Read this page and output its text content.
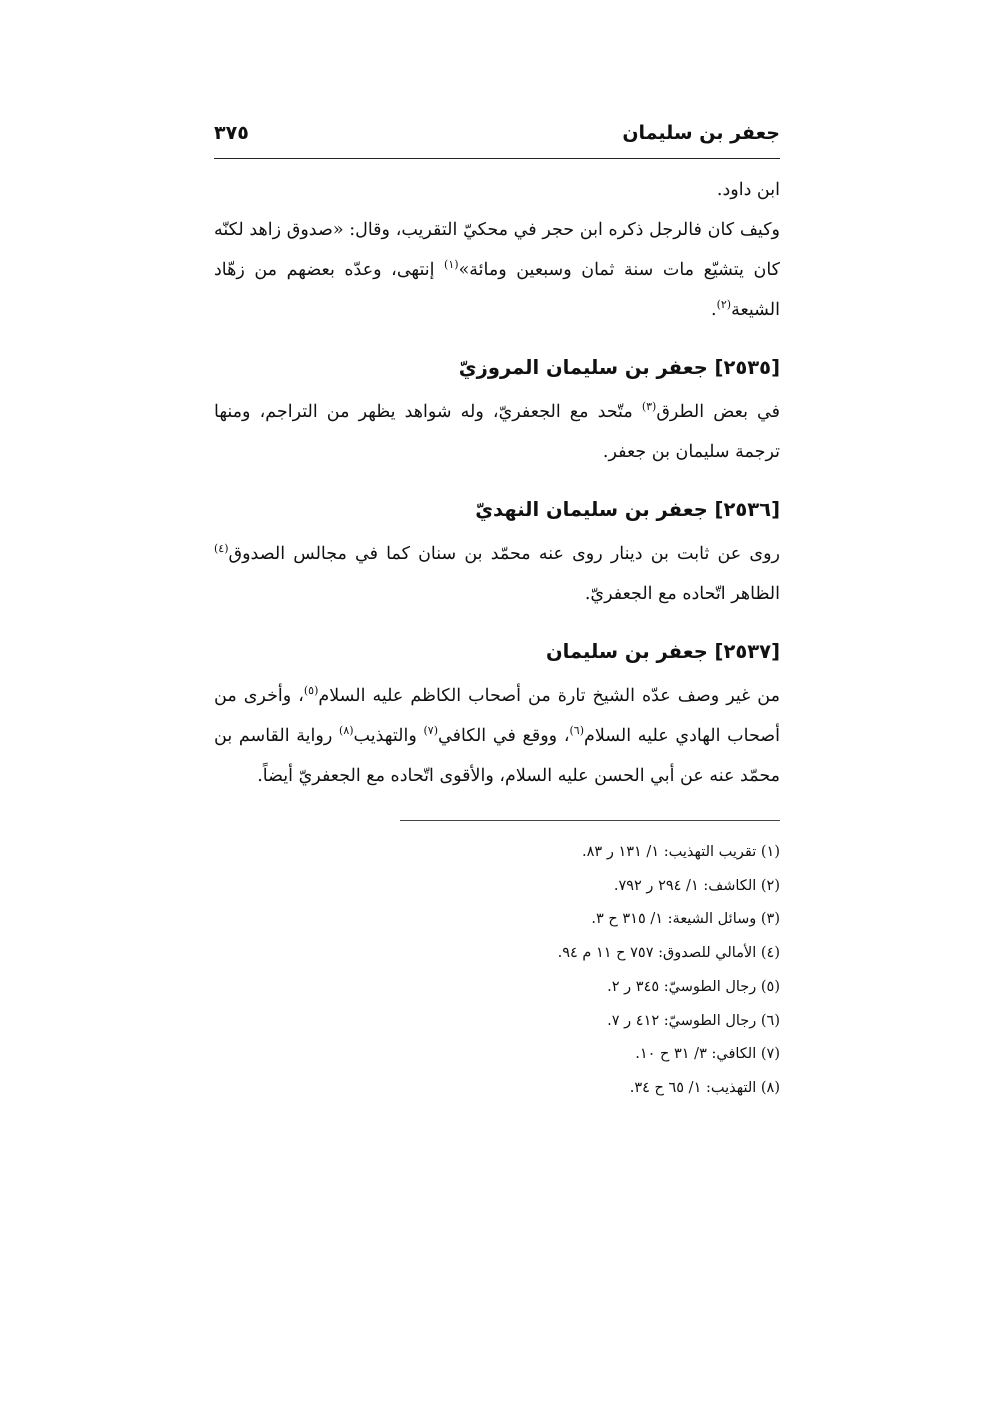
جعفر بن سليمان
٣٧٥

ابن داود.

وكيف كان فالرجل ذكره ابن حجر في محكيّ التقريب، وقال: «صدوق زاهد لكنّه كان يتشيّع مات سنة ثمان وسبعين ومائة»$^{(١)}$ إنتهى، وعدّه بعضهم من زهّاد الشيعة$^{(٢)}$.

[٢٥٣٥] جعفر بن سليمان المروزيّ

في بعض الطرق$^{(٣)}$ متّحد مع الجعفريّ، وله شواهد يظهر من التراجم، ومنها ترجمة سليمان بن جعفر.

[٢٥٣٦] جعفر بن سليمان النهديّ

روى عن ثابت بن دينار روى عنه محمّد بن سنان كما في مجالس الصدوق$^{(٤)}$ الظاهر اتّحاده مع الجعفريّ.

[٢٥٣٧] جعفر بن سليمان

من غير وصف عدّه الشيخ تارة من أصحاب الكاظم عليه السلام$^{(٥)}$، وأخرى من أصحاب الهادي عليه السلام$^{(٦)}$، ووقع في الكافي$^{(٧)}$ والتهذيب$^{(٨)}$ رواية القاسم بن محمّد عنه عن أبي الحسن عليه السلام، والأقوى اتّحاده مع الجعفريّ أيضاً.

(١) تقريب التهذيب: ١/ ١٣١ ر ٨٣.

(٢) الكاشف: ١/ ٢٩٤ ر ٧٩٢.

(٣) وسائل الشيعة: ١/ ٣١٥ ح ٣.

(٤) الأمالي للصدوق: ٧٥٧ ح ١١ م ٩٤.

(٥) رجال الطوسيّ: ٣٤٥ ر ٢.

(٦) رجال الطوسيّ: ٤١٢ ر ٧.

(٧) الكافي: ٣/ ٣١ ح ١٠.

(٨) التهذيب: ١/ ٦٥ ح ٣٤.
